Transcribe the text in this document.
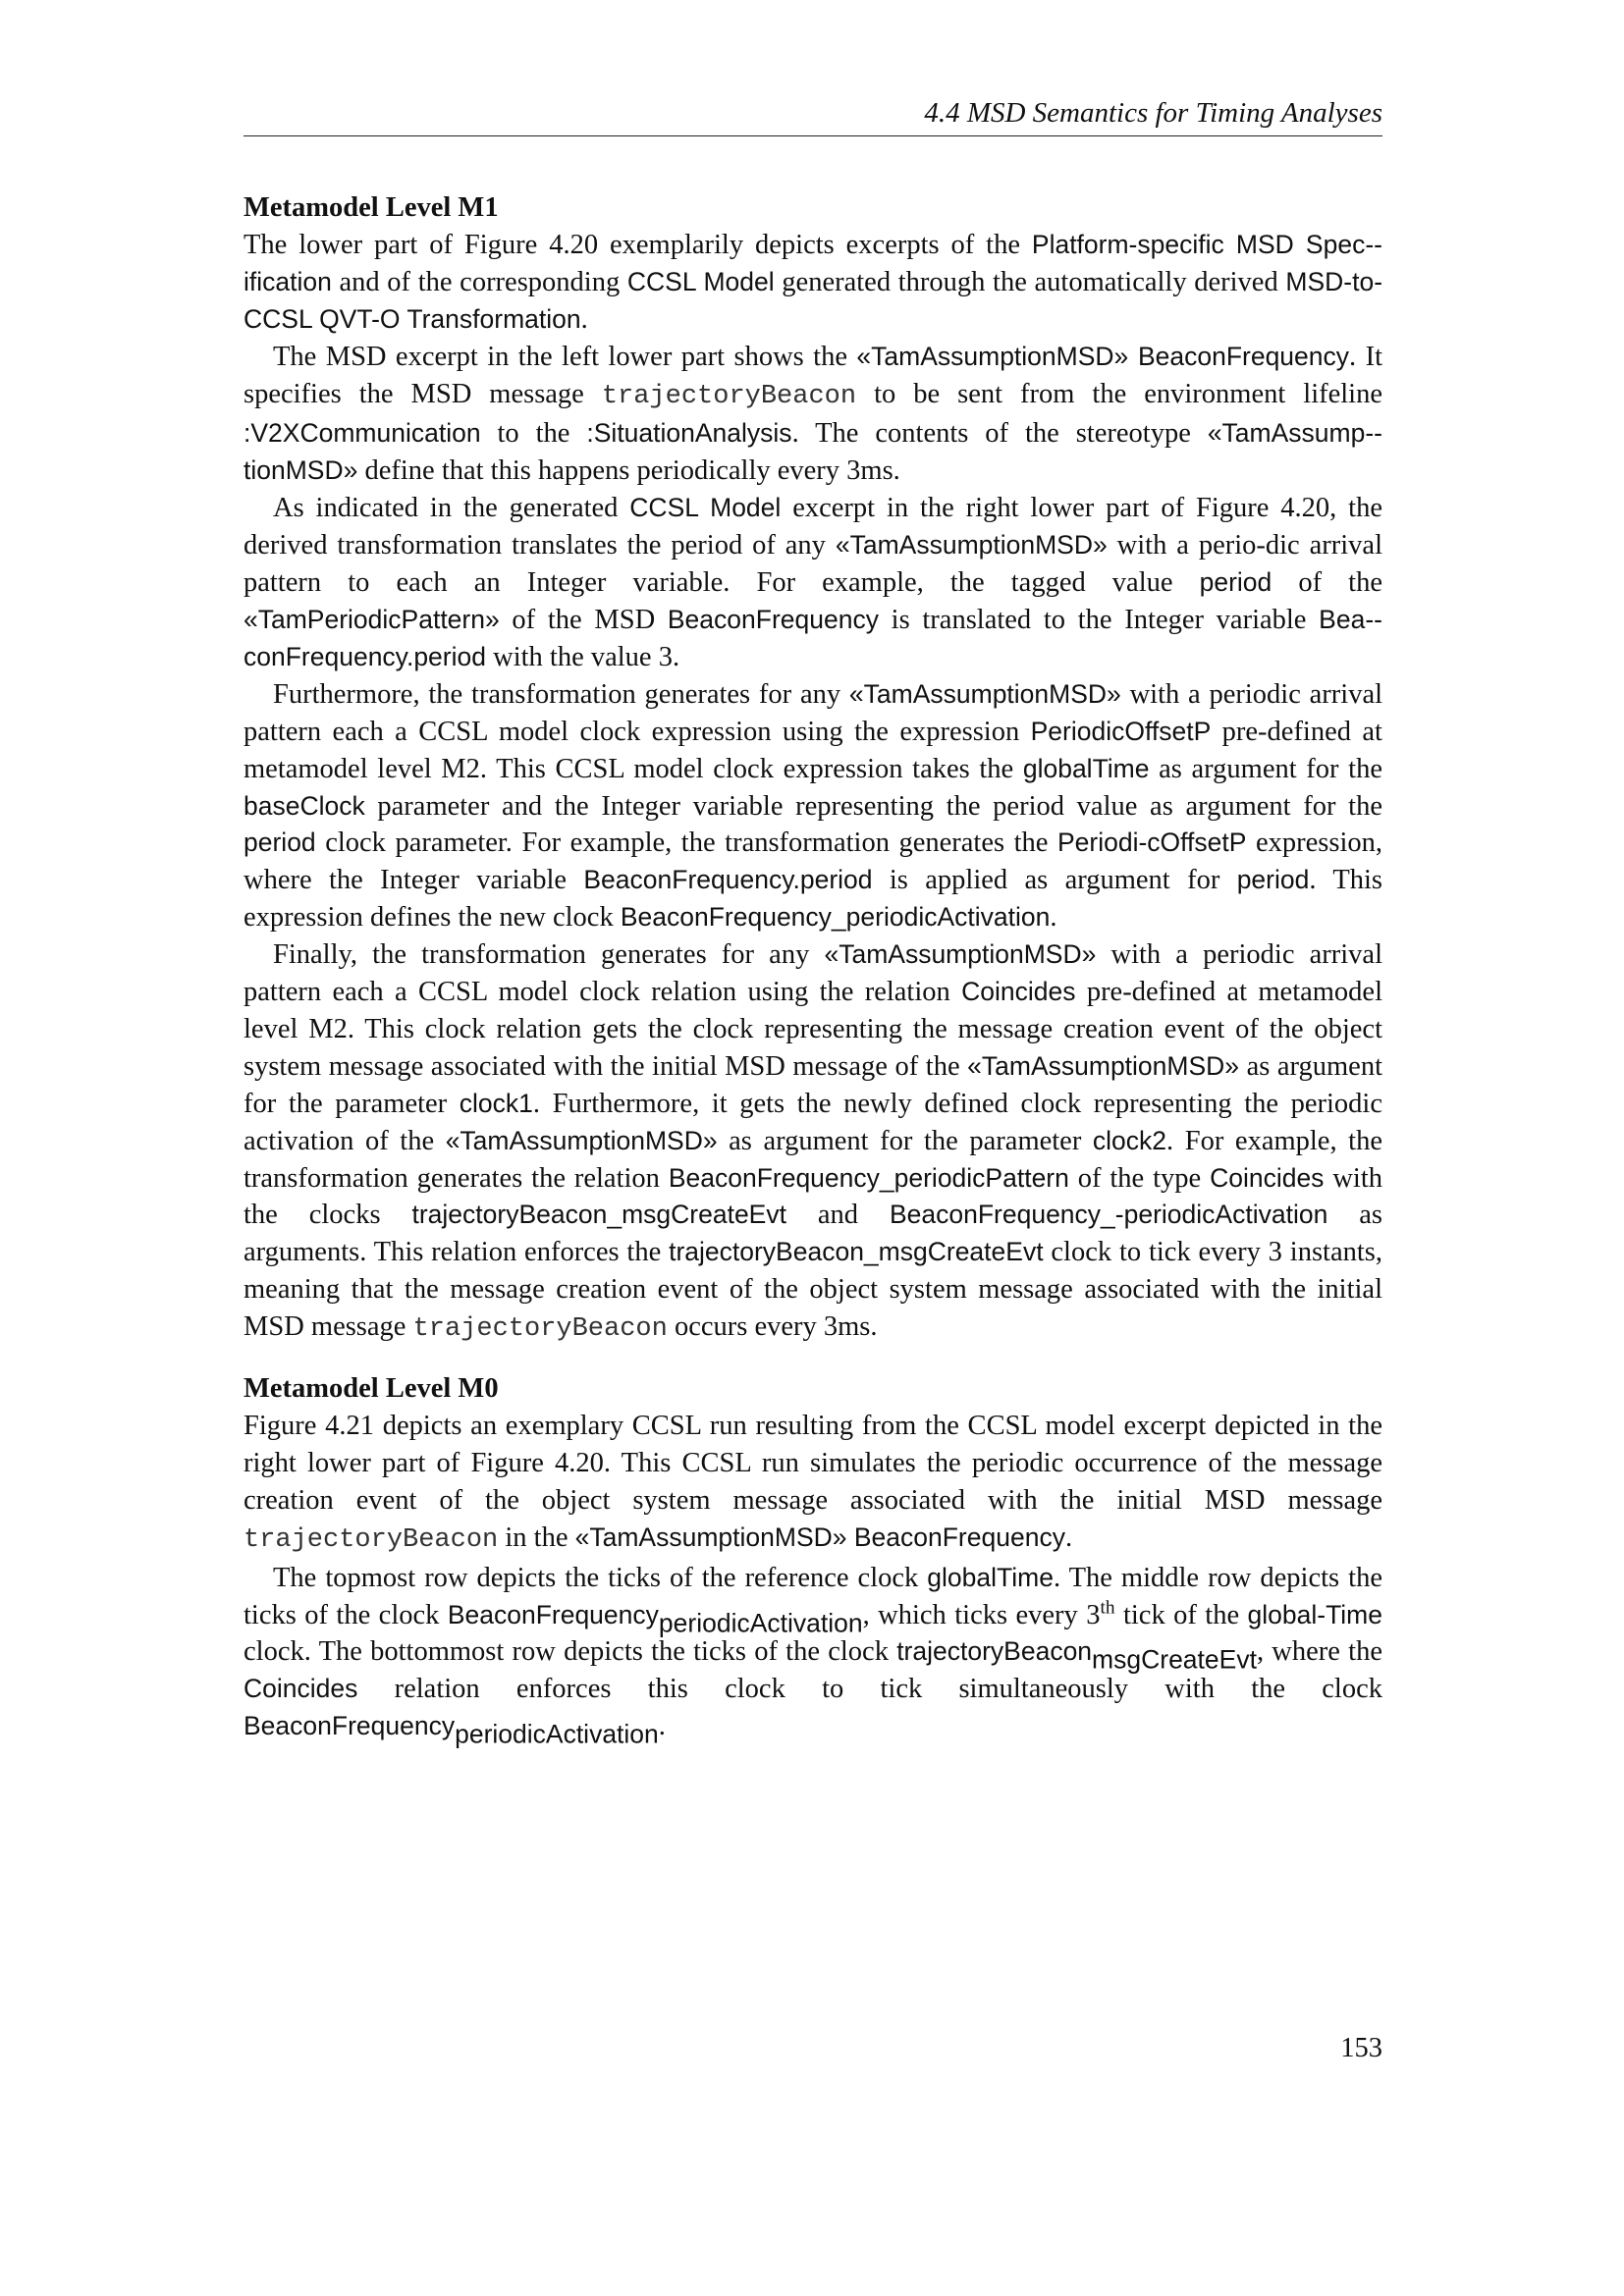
4.4 MSD Semantics for Timing Analyses
Metamodel Level M1

The lower part of Figure 4.20 exemplarily depicts excerpts of the Platform-specific MSD Spec-ification and of the corresponding CCSL Model generated through the automatically derived MSD-to-CCSL QVT-O Transformation.

The MSD excerpt in the left lower part shows the «TamAssumptionMSD» BeaconFrequency. It specifies the MSD message trajectoryBeacon to be sent from the environment lifeline :V2XCommunication to the :SituationAnalysis. The contents of the stereotype «TamAssump-tionMSD» define that this happens periodically every 3ms.

As indicated in the generated CCSL Model excerpt in the right lower part of Figure 4.20, the derived transformation translates the period of any «TamAssumptionMSD» with a perio-dic arrival pattern to each an Integer variable. For example, the tagged value period of the «TamPeriodicPattern» of the MSD BeaconFrequency is translated to the Integer variable Bea-conFrequency.period with the value 3.

Furthermore, the transformation generates for any «TamAssumptionMSD» with a periodic arrival pattern each a CCSL model clock expression using the expression PeriodicOffsetP pre-defined at metamodel level M2. This CCSL model clock expression takes the globalTime as argument for the baseClock parameter and the Integer variable representing the period value as argument for the period clock parameter. For example, the transformation generates the Periodi-cOffsetP expression, where the Integer variable BeaconFrequency.period is applied as argument for period. This expression defines the new clock BeaconFrequency_periodicActivation.

Finally, the transformation generates for any «TamAssumptionMSD» with a periodic arrival pattern each a CCSL model clock relation using the relation Coincides pre-defined at metamodel level M2. This clock relation gets the clock representing the message creation event of the object system message associated with the initial MSD message of the «TamAssumptionMSD» as argument for the parameter clock1. Furthermore, it gets the newly defined clock representing the periodic activation of the «TamAssumptionMSD» as argument for the parameter clock2. For example, the transformation generates the relation BeaconFrequency_periodicPattern of the type Coincides with the clocks trajectoryBeacon_msgCreateEvt and BeaconFrequency_-periodicActivation as arguments. This relation enforces the trajectoryBeacon_msgCreateEvt clock to tick every 3 instants, meaning that the message creation event of the object system message associated with the initial MSD message trajectoryBeacon occurs every 3ms.

Metamodel Level M0

Figure 4.21 depicts an exemplary CCSL run resulting from the CCSL model excerpt depicted in the right lower part of Figure 4.20. This CCSL run simulates the periodic occurrence of the message creation event of the object system message associated with the initial MSD message trajectoryBeacon in the «TamAssumptionMSD» BeaconFrequency.

The topmost row depicts the ticks of the reference clock globalTime. The middle row depicts the ticks of the clock BeaconFrequency$_{periodicActivation}$, which ticks every 3th tick of the global-Time clock. The bottommost row depicts the ticks of the clock trajectoryBeacon$_{msgCreateEvt}$, where the Coincides relation enforces this clock to tick simultaneously with the clock BeaconFrequency$_{periodicActivation}$.

153
